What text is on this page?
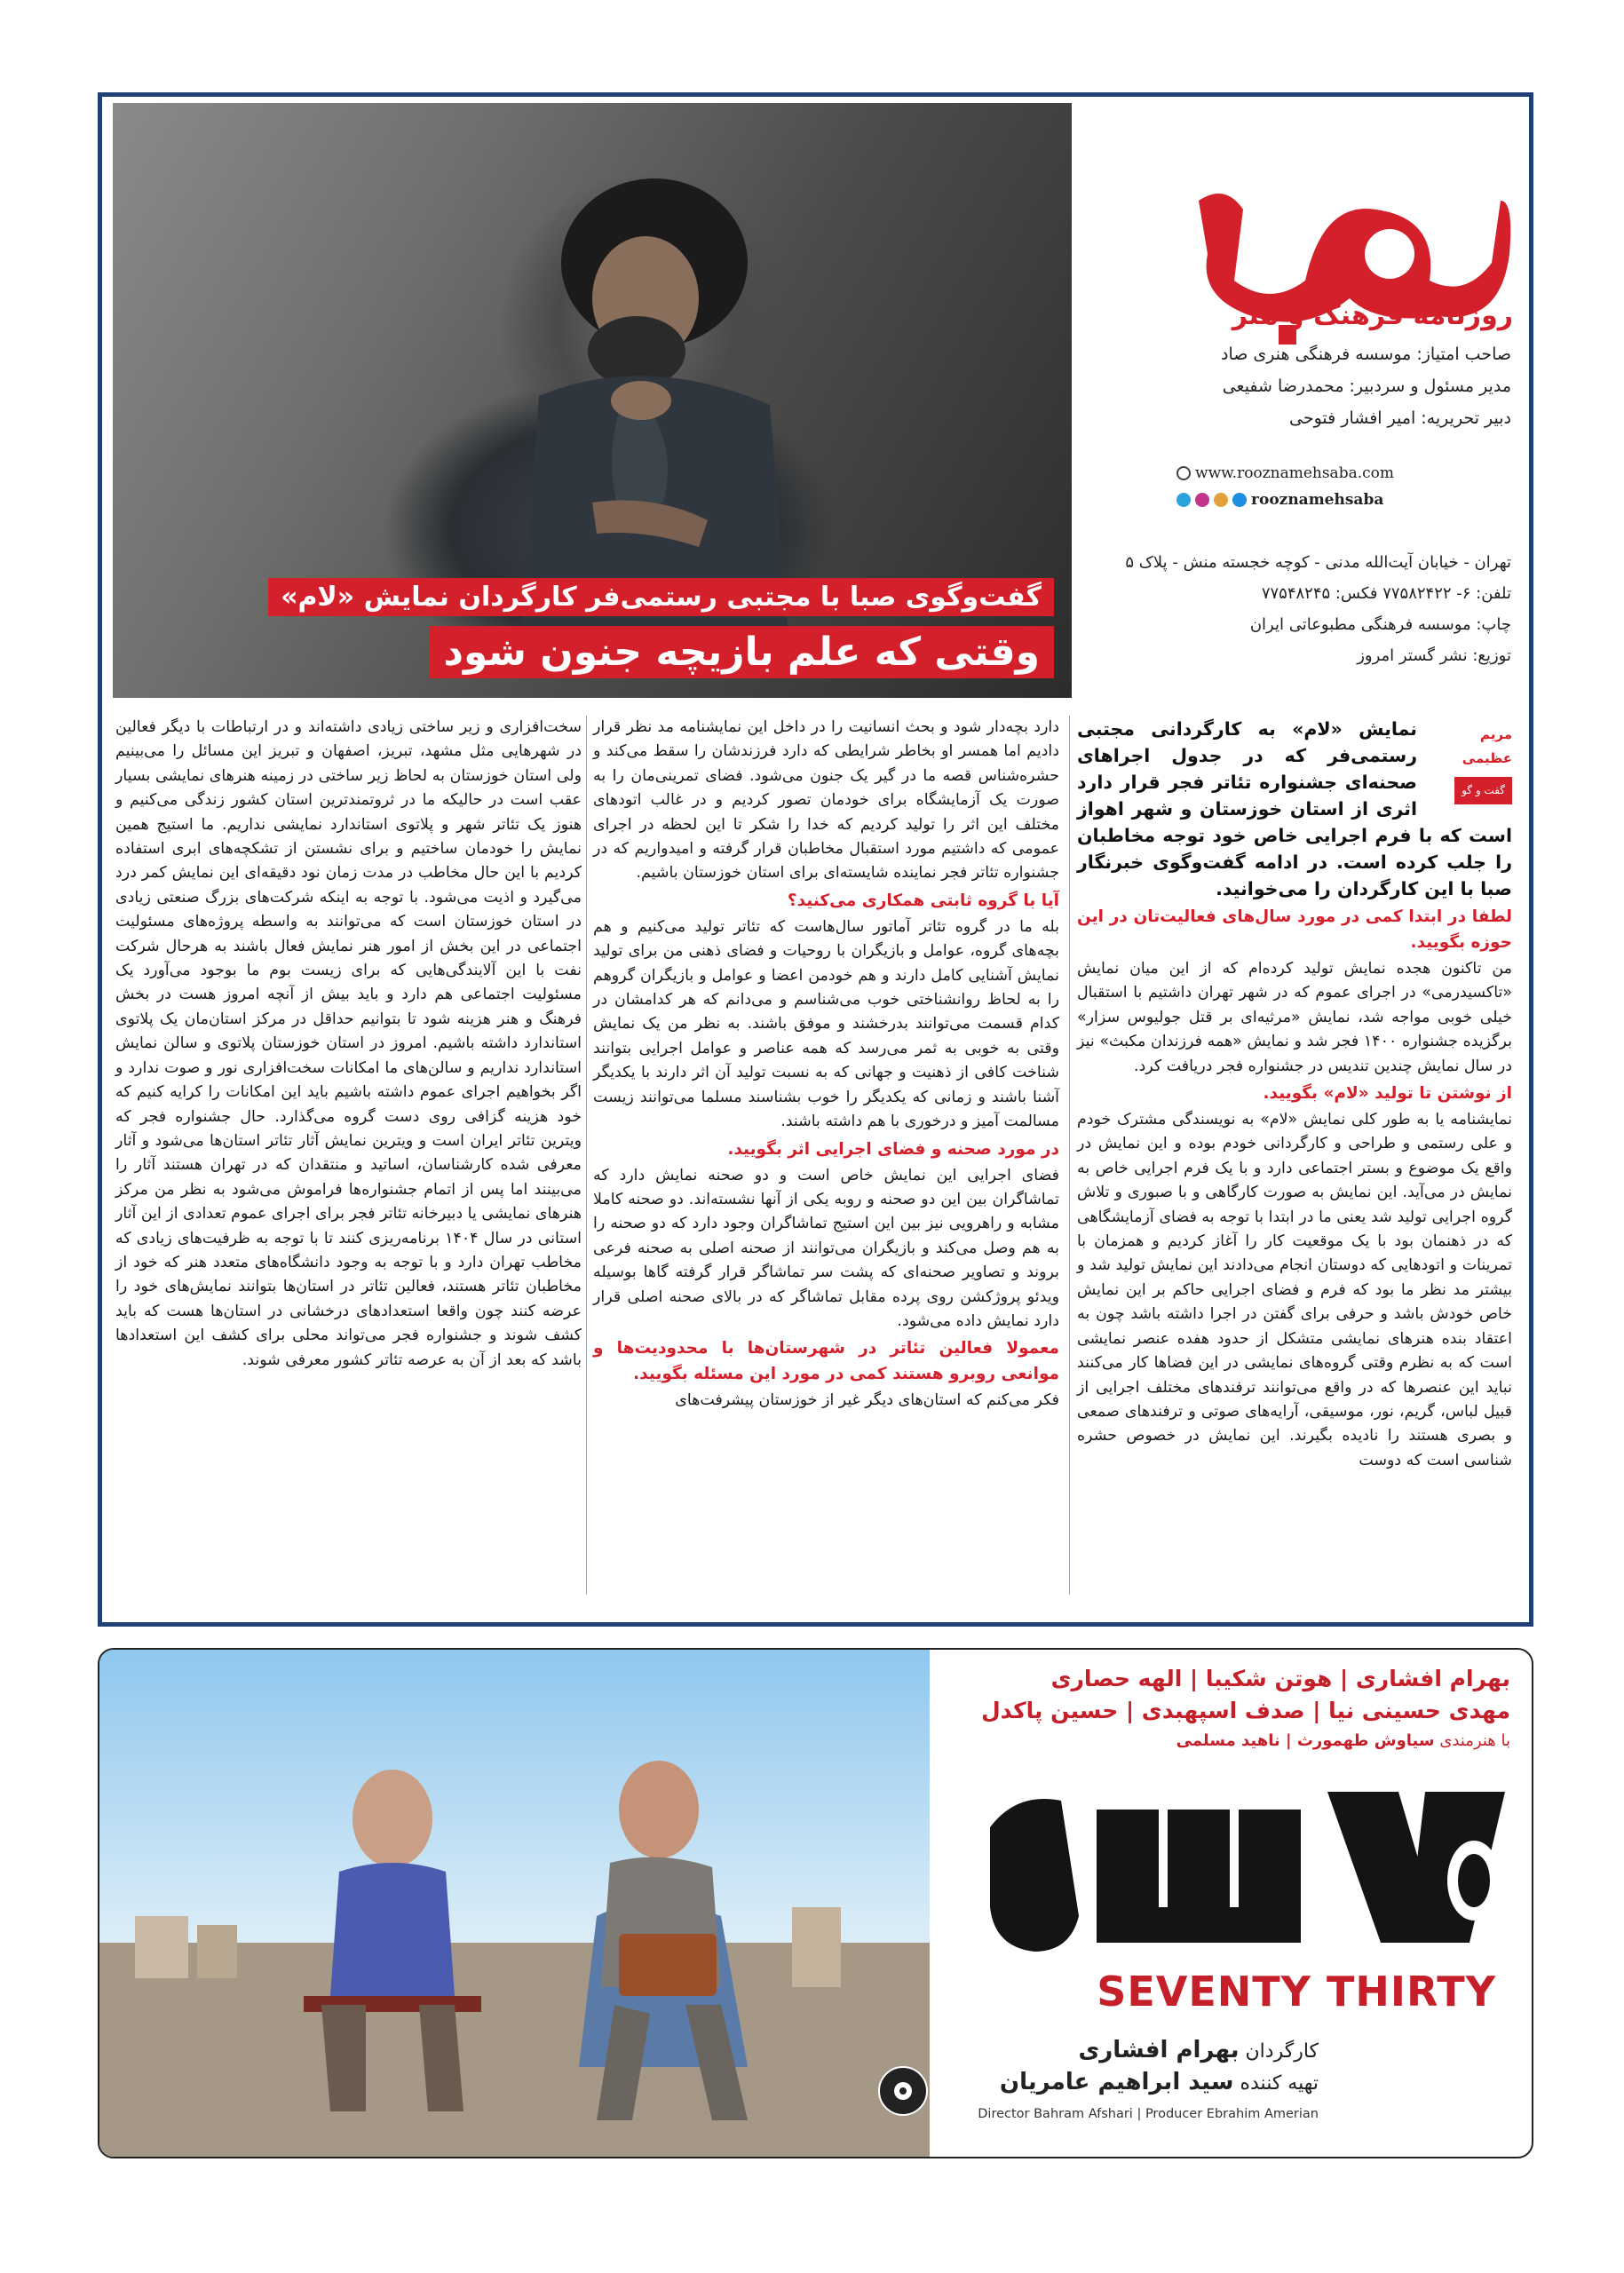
گفت‌وگوی صبا با مجتبی رستمی‌فر کارگردان نمایش «لام»
وقتی که علم بازیچه جنون شود
روزنامه فرهنگ و هنر
صاحب امتیاز: موسسه فرهنگی هنری صاد
مدیر مسئول و سردبیر: محمدرضا شفیعی
دبیر تحریریه: امیر افشار فتوحی
www.rooznamehsaba.com
rooznamehsaba
تهران - خیابان آیت‌الله مدنی - کوچه خجسته منش - پلاک ۵
تلفن: ۶- ۷۷۵۸۲۴۲۲ فکس: ۷۷۵۴۸۲۴۵
چاپ: موسسه فرهنگی مطبوعاتی ایران
توزیع: نشر گستر امروز
مریم عظیمی
گفت و گو

نمایش «لام» به کارگردانی مجتبی رستمی‌فر که در جدول اجراهای صحنه‌ای جشنواره تئاتر فجر قرار دارد اثری از استان خوزستان و شهر اهواز است که با فرم اجرایی خاص خود توجه مخاطبان را جلب کرده است. در ادامه گفت‌وگوی خبرنگار صبا با این کارگردان را می‌خوانید.

لطفا در ابتدا کمی در مورد سال‌های فعالیت‌تان در این حوزه بگویید.

من تاکنون هجده نمایش تولید کرده‌ام که از این میان نمایش «تاکسیدرمی» در اجرای عموم که در شهر تهران داشتیم با استقبال خیلی خوبی مواجه شد، نمایش «مرثیه‌ای بر قتل جولیوس سزار» برگزیده جشنواره ۱۴۰۰ فجر شد و نمایش «همه فرزندان مکبث» نیز در سال نمایش چندین تندیس در جشنواره فجر دریافت کرد.

از نوشتن تا تولید «لام» بگویید.

نمایشنامه یا به طور کلی نمایش «لام» به نویسندگی مشترک خودم و علی رستمی و طراحی و کارگردانی خودم بوده و این نمایش در واقع یک موضوع و بستر اجتماعی دارد و با یک فرم اجرایی خاص به نمایش در می‌آید. این نمایش به صورت کارگاهی و با صبوری و تلاش گروه اجرایی تولید شد یعنی ما در ابتدا با توجه به فضای آزمایشگاهی که در ذهنمان بود با یک موقعیت کار را آغاز کردیم و همزمان با تمرینات و اتودهایی که دوستان انجام می‌دادند این نمایش تولید شد و بیشتر مد نظر ما بود که فرم و فضای اجرایی حاکم بر این نمایش خاص خودش باشد و حرفی برای گفتن در اجرا داشته باشد چون به اعتقاد بنده هنرهای نمایشی متشکل از حدود هفده عنصر نمایشی است که به نظرم وقتی گروه‌های نمایشی در این فضاها کار می‌کنند نباید این عنصرها که در واقع می‌توانند ترفندهای مختلف اجرایی از قبیل لباس، گریم، نور، موسیقی، آرایه‌های صوتی و ترفندهای صمعی و بصری هستند را نادیده بگیرند. این نمایش در خصوص حشره شناسی است که دوست

دارد بچه‌دار شود و بحث انسانیت را در داخل این نمایشنامه مد نظر قرار دادیم اما همسر او بخاطر شرایطی که دارد فرزندشان را سقط می‌کند و حشره‌شناس قصه ما در گیر یک جنون می‌شود. فضای تمرینی‌مان را به صورت یک آزمایشگاه برای خودمان تصور کردیم و در غالب اتودهای مختلف این اثر را تولید کردیم که خدا را شکر تا این لحظه در اجرای عمومی که داشتیم مورد استقبال مخاطبان قرار گرفته و امیدواریم که در جشنواره تئاتر فجر نماینده شایسته‌ای برای استان خوزستان باشیم.

آیا با گروه ثابتی همکاری می‌کنید؟

بله ما در گروه تئاتر آماتور سال‌هاست که تئاتر تولید می‌کنیم و هم بچه‌های گروه، عوامل و بازیگران با روحیات و فضای ذهنی من برای تولید نمایش آشنایی کامل دارند و هم خودمن اعضا و عوامل و بازیگران گروهم را به لحاظ روانشناختی خوب می‌شناسم و می‌دانم که هر کدامشان در کدام قسمت می‌توانند بدرخشند و موفق باشند. به نظر من یک نمایش وقتی به خوبی به ثمر می‌رسد که همه عناصر و عوامل اجرایی بتوانند شناخت کافی از ذهنیت و جهانی که به نسبت تولید آن اثر دارند با یکدیگر آشنا باشند و زمانی که یکدیگر را خوب بشناسند مسلما می‌توانند زیست مسالمت آمیز و درخوری با هم داشته باشند.

در مورد صحنه و فضای اجرایی اثر بگویید.

فضای اجرایی این نمایش خاص است و دو صحنه نمایش دارد که تماشاگران بین این دو صحنه و روبه یکی از آنها نشسته‌اند. دو صحنه کاملا مشابه و راهرویی نیز بین این استیج تماشاگران وجود دارد که دو صحنه را به هم وصل می‌کند و بازیگران می‌توانند از صحنه اصلی به صحنه فرعی بروند و تصاویر صحنه‌ای که پشت سر تماشاگر قرار گرفته گاها بوسیله ویدئو پروژکشن روی پرده مقابل تماشاگر که در بالای صحنه اصلی قرار دارد نمایش داده می‌شود.

معمولا فعالین تئاتر در شهرستان‌ها با محدودیت‌ها و موانعی روبرو هستند کمی در مورد این مسئله بگویید.

فکر می‌کنم که استان‌های دیگر غیر از خوزستان پیشرفت‌های

سخت‌افزاری و زیر ساختی زیادی داشته‌اند و در ارتباطات با دیگر فعالین در شهرهایی مثل مشهد، تبریز، اصفهان و تبریز این مسائل را می‌بینیم ولی استان خوزستان به لحاظ زیر ساختی در زمینه هنرهای نمایشی بسیار عقب است در حالیکه ما در ثروتمندترین استان کشور زندگی می‌کنیم و هنوز یک تئاتر شهر و پلاتوی استاندارد نمایشی نداریم. ما استیج همین نمایش را خودمان ساختیم و برای نشستن از تشکچه‌های ابری استفاده کردیم با این حال مخاطب در مدت زمان نود دقیقه‌ای این نمایش کمر درد می‌گیرد و اذیت می‌شود. با توجه به اینکه شرکت‌های بزرگ صنعتی زیادی در استان خوزستان است که می‌توانند به واسطه پروژه‌های مسئولیت اجتماعی در این بخش از امور هنر نمایش فعال باشند به هرحال شرکت نفت با این آلایندگی‌هایی که برای زیست بوم ما بوجود می‌آورد یک مسئولیت اجتماعی هم دارد و باید بیش از آنچه امروز هست در بخش فرهنگ و هنر هزینه شود تا بتوانیم حداقل در مرکز استان‌مان یک پلاتوی استاندارد داشته باشیم. امروز در استان خوزستان پلاتوی و سالن نمایش استاندارد نداریم و سالن‌های ما امکانات سخت‌افزاری نور و صوت ندارد و اگر بخواهیم اجرای عموم داشته باشیم باید این امکانات را کرایه کنیم که خود هزینه گزافی روی دست گروه می‌گذارد. حال جشنواره فجر که ویترین تئاتر ایران است و ویترین نمایش آثار تئاتر استان‌ها می‌شود و آثار معرفی شده کارشناسان، اساتید و منتقدان که در تهران هستند آثار را می‌بینند اما پس از اتمام جشنواره‌ها فراموش می‌شود به نظر من مرکز هنرهای نمایشی یا دبیرخانه تئاتر فجر برای اجرای عموم تعدادی از این آثار استانی در سال ۱۴۰۴ برنامه‌ریزی کنند تا با توجه به ظرفیت‌های زیادی که مخاطب تهران دارد و با توجه به وجود دانشگاه‌های متعدد هنر که خود از مخاطبان تئاتر هستند، فعالین تئاتر در استان‌ها بتوانند نمایش‌های خود را عرضه کنند چون واقعا استعدادهای درخشانی در استان‌ها هست که باید کشف شوند و جشنواره فجر می‌تواند محلی برای کشف این استعدادها باشد که بعد از آن به عرصه تئاتر کشور معرفی شوند.

بهرام افشاری | هوتن شکیبا | الهه حصاری
مهدی حسینی نیا | صدف اسپهبدی | حسین پاکدل
با هنرمندی سیاوش طهمورث | ناهید مسلمی
SEVENTY THIRTY
کارگردان بهرام افشاری
تهیه کننده سید ابراهیم عامریان
Director Bahram Afshari | Producer Ebrahim Amerian
